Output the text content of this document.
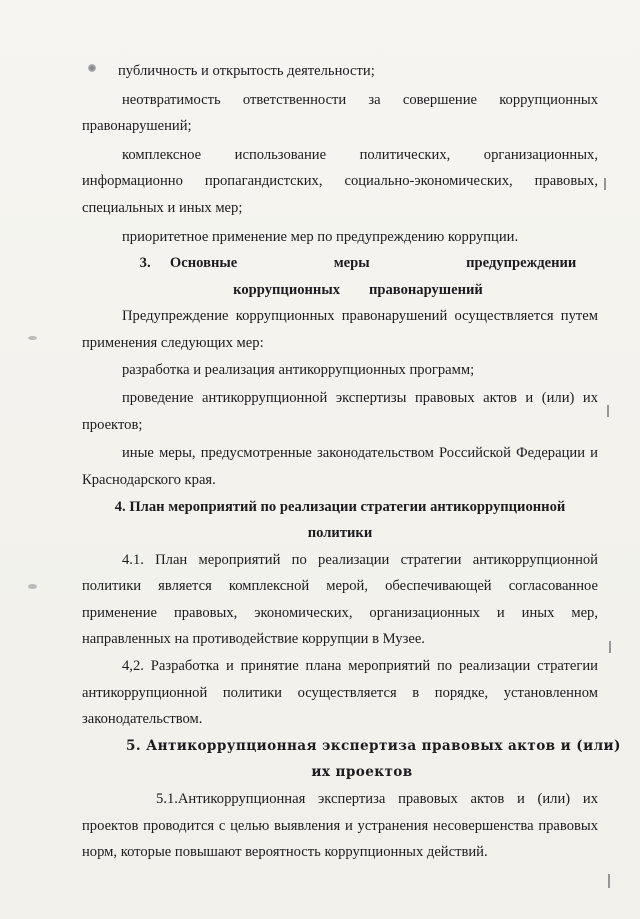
публичность и открытость деятельности;

неотвратимость ответственности за совершение коррупционных правонарушений;

комплексное использование политических, организационных, информационно пропагандистских, социально-экономических, правовых, специальных и иных мер;

приоритетное применение мер по предупреждению коррупции.

3.  Основные          меры          предупреждении
коррупционных   правонарушений

Предупреждение коррупционных правонарушений осуществляется путем применения следующих мер:

разработка и реализация антикоррупционных программ;

проведение антикоррупционной экспертизы правовых актов и (или) их проектов;

иные меры, предусмотренные законодательством Российской Федерации и Краснодарского края.

4. План мероприятий по реализации стратегии антикоррупционной
политики

4.1. План мероприятий по реализации стратегии антикоррупционной политики является комплексной мерой, обеспечивающей согласованное применение правовых, экономических, организационных и иных мер, направленных на противодействие коррупции в Музее.

4,2. Разработка и принятие плана мероприятий по реализации стратегии антикоррупционной политики осуществляется в порядке, установленном законодательством.

5. Антикоррупционная экспертиза правовых актов и (или)
их проектов

5.1.Антикоррупционная экспертиза правовых актов и (или) их проектов проводится с целью выявления и устранения несовершенства правовых норм, которые повышают вероятность коррупционных действий.
